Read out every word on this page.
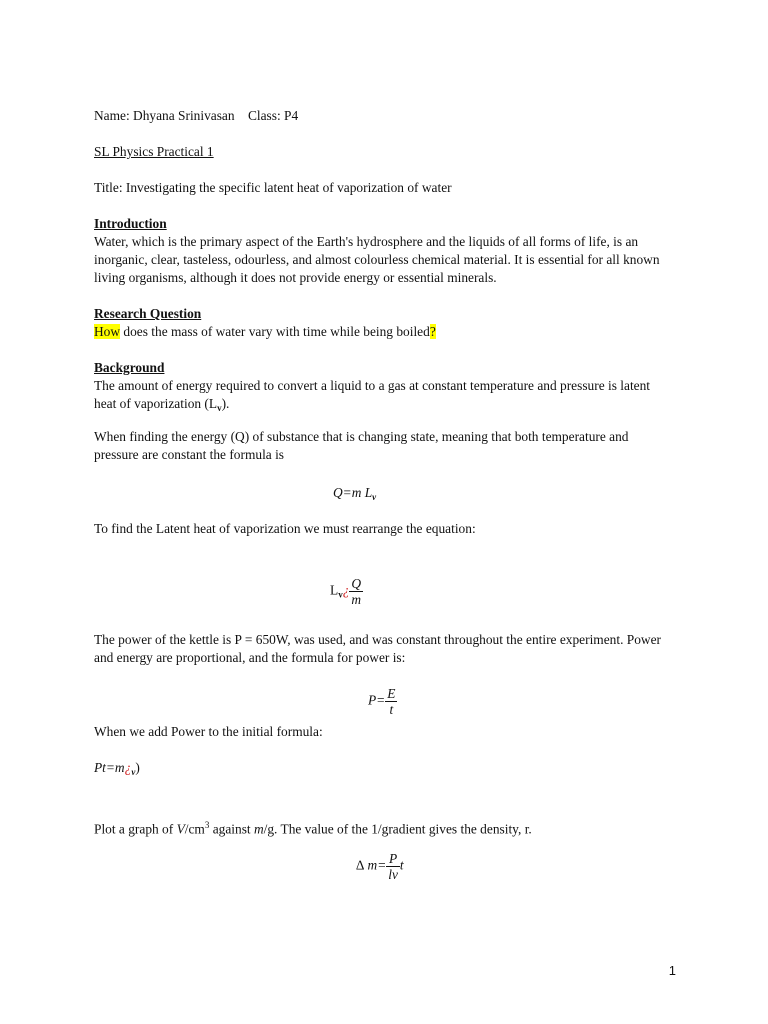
Name: Dhyana Srinivasan    Class: P4

SL Physics Practical 1

Title: Investigating the specific latent heat of vaporization of water

Introduction

Water, which is the primary aspect of the Earth's hydrosphere and the liquids of all forms of life, is an inorganic, clear, tasteless, odourless, and almost colourless chemical material. It is essential for all known living organisms, although it does not provide energy or essential minerals.

Research Question

How does the mass of water vary with time while being boiled?

Background

The amount of energy required to convert a liquid to a gas at constant temperature and pressure is latent heat of vaporization $(L_v)$.

When finding the energy (Q) of substance that is changing state, meaning that both temperature and pressure are constant the formula is

Q=m $L_v$

To find the Latent heat of vaporization we must rearrange the equation:

$L_v¿ \frac{Q}{m}$

The power of the kettle is P = 650W, was used, and was constant throughout the entire experiment. Power and energy are proportional, and the formula for power is:

$P= \frac{E}{t}$

When we add Power to the initial formula:

$Pt=m¿_v$)

Plot a graph of $V/cm^3$ against m/g. The value of the 1/gradient gives the density, r.

∆ $m= \frac{P}{lv}$ t
1
